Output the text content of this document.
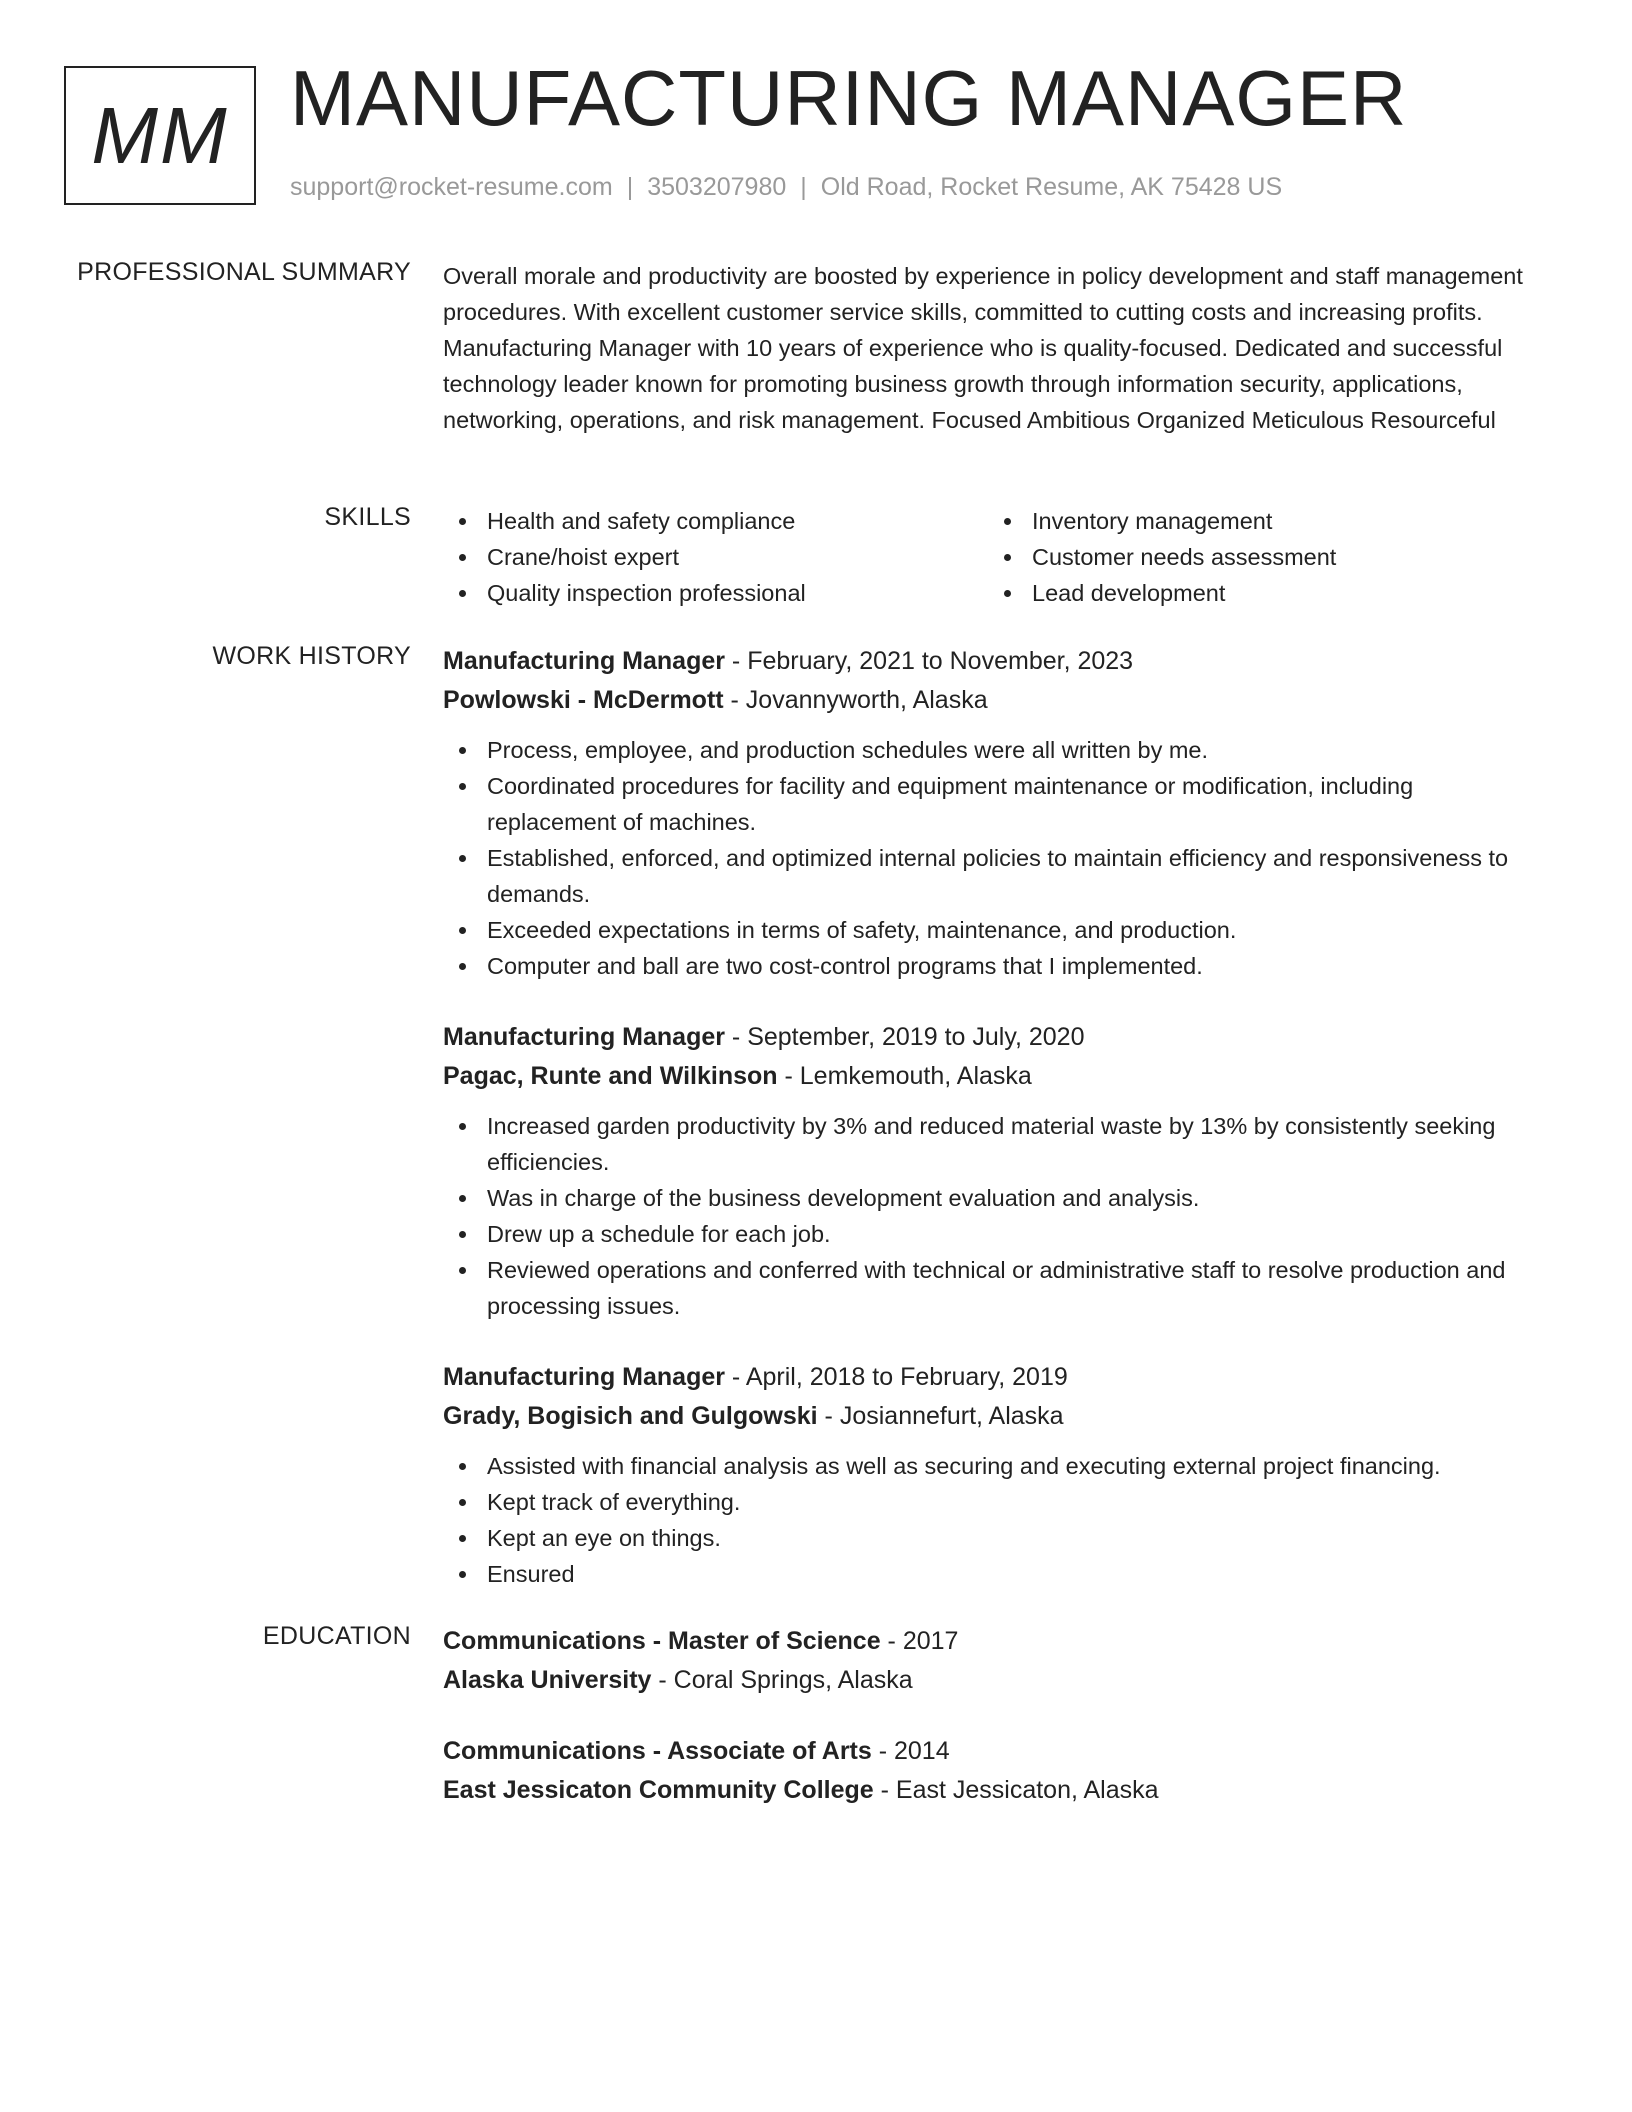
MM MANUFACTURING MANAGER
support@rocket-resume.com | 3503207980 | Old Road, Rocket Resume, AK 75428 US
PROFESSIONAL SUMMARY Overall morale and productivity are boosted by experience in policy development and staff management procedures. With excellent customer service skills, committed to cutting costs and increasing profits. Manufacturing Manager with 10 years of experience who is quality-focused. Dedicated and successful technology leader known for promoting business growth through information security, applications, networking, operations, and risk management. Focused Ambitious Organized Meticulous Resourceful

SKILLS	Health and safety compliance
Crane/hoist expert
Quality inspection professional
Inventory management
Customer needs assessment
Lead development
WORK HISTORY Manufacturing Manager - February, 2021 to November, 2023
Powlowski - McDermott - Jovannyworth, Alaska
Process, employee, and production schedules were all written by me.
Coordinated procedures for facility and equipment maintenance or modification, including replacement of machines.
Established, enforced, and optimized internal policies to maintain efficiency and responsiveness to demands.
Exceeded expectations in terms of safety, maintenance, and production.
Computer and ball are two cost-control programs that I implemented.
Manufacturing Manager - September, 2019 to July, 2020
Pagac, Runte and Wilkinson - Lemkemouth, Alaska
Increased garden productivity by 3% and reduced material waste by 13% by consistently seeking efficiencies.
Was in charge of the business development evaluation and analysis.
Drew up a schedule for each job.
Reviewed operations and conferred with technical or administrative staff to resolve production and processing issues.
Manufacturing Manager - April, 2018 to February, 2019
Grady, Bogisich and Gulgowski - Josiannefurt, Alaska
Assisted with financial analysis as well as securing and executing external project financing.
Kept track of everything.
Kept an eye on things.
Ensured
EDUCATION Communications - Master of Science - 2017
Alaska University - Coral Springs, Alaska
Communications - Associate of Arts - 2014
East Jessicaton Community College - East Jessicaton, Alaska
